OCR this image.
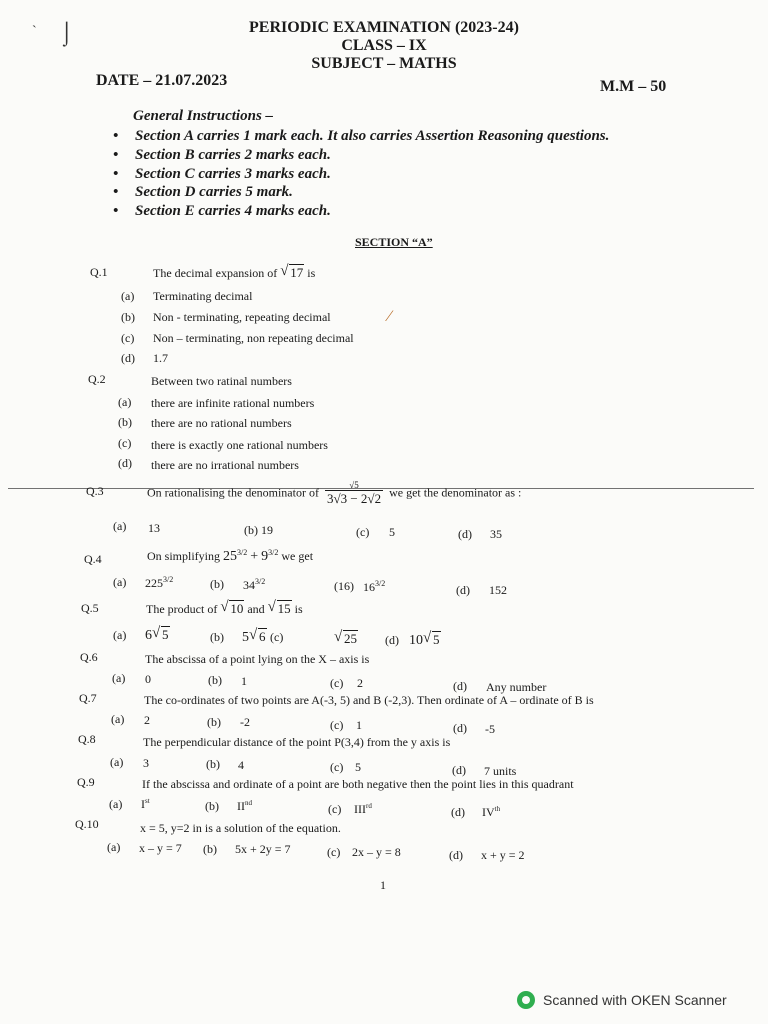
ˋ ⌡
⁄
PERIODIC EXAMINATION (2023-24)
CLASS – IX
SUBJECT – MATHS
DATE – 21.07.2023	M.M – 50
General Instructions –
• Section A carries 1 mark each. It also carries Assertion Reasoning questions.
• Section B carries 2 marks each.
• Section C carries 3 marks each.
• Section D carries 5 mark.
• Section E carries 4 marks each.
SECTION “A”
Q.1	The decimal expansion of √ 17 is
(a) Terminating decimal
(b) Non - terminating, repeating decimal
(c) Non – terminating, non repeating decimal
(d) 1.7
Q.2	Between two ratinal numbers
(a) there are infinite rational numbers
(b) there are no rational numbers
(c) there is exactly one rational numbers
(d) there are no irrational numbers
Q.3	On rationalising the denominator of $\frac{√5}{3√3 - 2√2}$ we get the denominator as :
(a) 13	(b) 19	(c) 5	(d) 35
Q.4	On simplifying $25^{3/2} + 9^{3/2}$ we get
(a) $225^{3/2}$	(b) $34^{3/2}$	(16) $16^{3/2}$	(d) 152
Q.5	The product of √ 10 and √ 15 is
(a) 6 √ 5	(b) 5 √ 6 (c)	√ 25 (d) 10 √ 5
Q.6	The abscissa of a point lying on the X – axis is
(a) 0	(b) 1	(c) 2	(d) Any number
Q.7	The co-ordinates of two points are A(-3, 5) and B (-2,3). Then ordinate of A – ordinate of B is
(a) 2	(b) -2	(c) 1	(d) -5
Q.8	The perpendicular distance of the point P(3,4) from the y axis is
(a) 3	(b) 4	(c) 5	(d) 7 units
Q.9	If the abscissa and ordinate of a point are both negative then the point lies in this quadrant
(a) Ist	(b) IInd	(c) IIIrd	(d) IVth
Q.10	x = 5, y=2 in is a solution of the equation.
(a) x – y = 7 (b) 5x + 2y = 7	(c) 2x – y = 8	(d) x + y = 2
1
Scanned with OKEN Scanner
